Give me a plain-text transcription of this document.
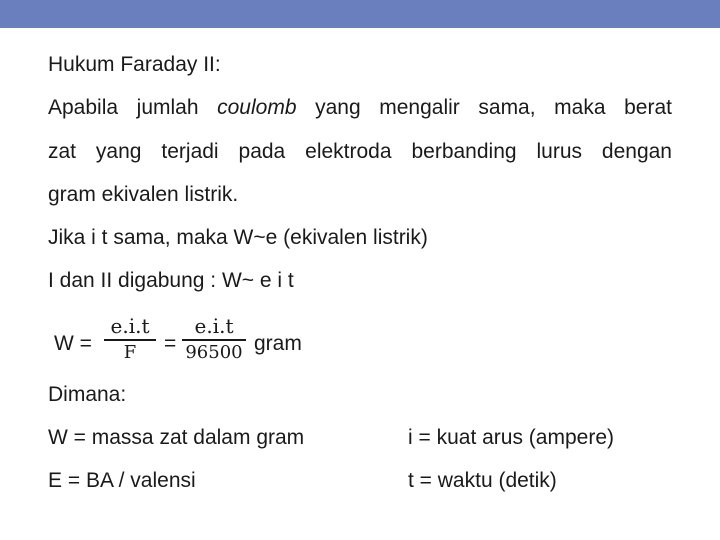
Hukum Faraday II:
Apabila jumlah coulomb yang mengalir sama, maka berat
zat yang terjadi pada elektroda berbanding lurus dengan
gram ekivalen listrik.
Jika i t sama, maka W~e (ekivalen listrik)
I dan II digabung : W~ e i t
W =
e.i.t
F	=
e.i.t
96500 gram
Dimana:
W = massa zat dalam gram	i = kuat arus (ampere)
E = BA / valensi	t = waktu (detik)
